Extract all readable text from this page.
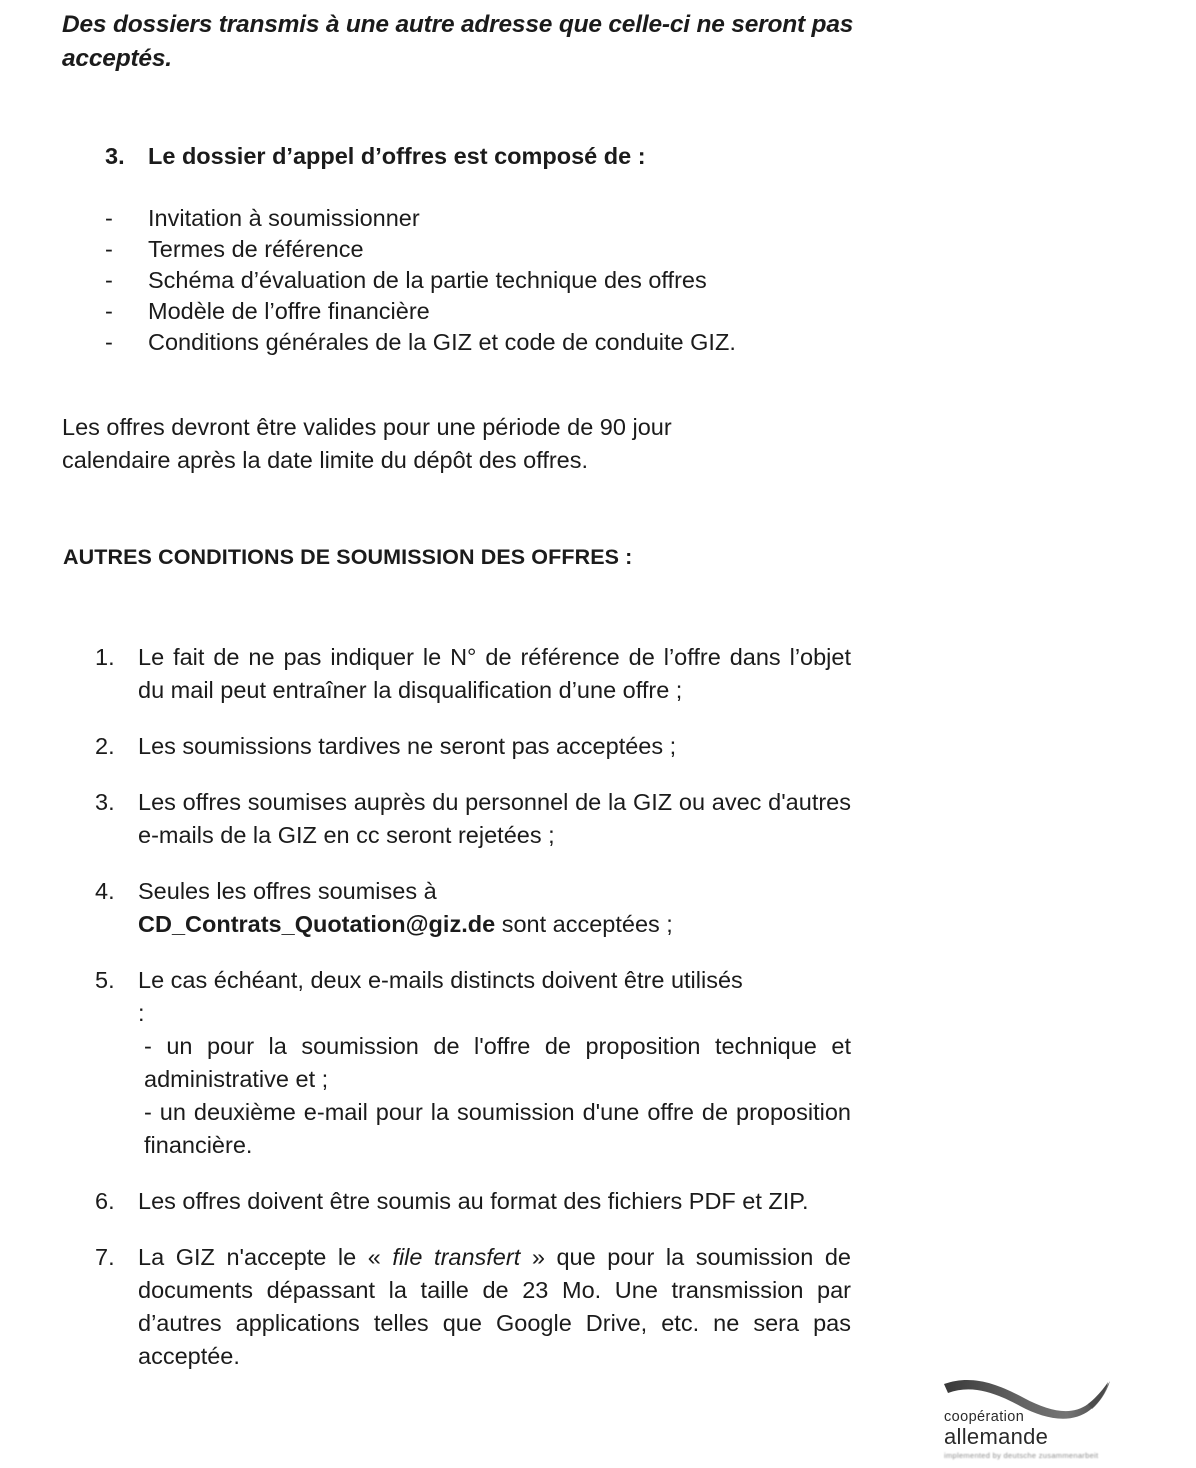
Des dossiers transmis à une autre adresse que celle-ci ne seront pas acceptés.
3. Le dossier d’appel d’offres est composé de :
-	Invitation à soumissionner
-	Termes de référence
-	Schéma d’évaluation de la partie technique des offres
-	Modèle de l’offre financière
-	Conditions générales de la GIZ et code de conduite GIZ.
Les offres devront être valides pour une période de 90 jour
calendaire après la date limite du dépôt des offres.
AUTRES CONDITIONS DE SOUMISSION DES OFFRES :
1. Le fait de ne pas indiquer le N° de référence de l’offre dans l’objet du mail peut entraîner la disqualification d’une offre ;
2. Les soumissions tardives ne seront pas acceptées ;
3. Les offres soumises auprès du personnel de la GIZ ou avec d'autres e-mails de la GIZ en cc seront rejetées ;
4. Seules les offres soumises à
CD_Contrats_Quotation@giz.de sont acceptées ;
5. Le cas échéant, deux e-mails distincts doivent être utilisés
:
- un pour la soumission de l'offre de proposition technique et administrative et ;
- un deuxième e-mail pour la soumission d'une offre de proposition financière.
6. Les offres doivent être soumis au format des fichiers PDF et ZIP.
7. La GIZ n'accepte le « file transfert » que pour la soumission de documents dépassant la taille de 23 Mo. Une transmission par d’autres applications telles que Google Drive, etc. ne sera pas acceptée.
coopération
allemande
implemented by deutsche zusammenarbeit
